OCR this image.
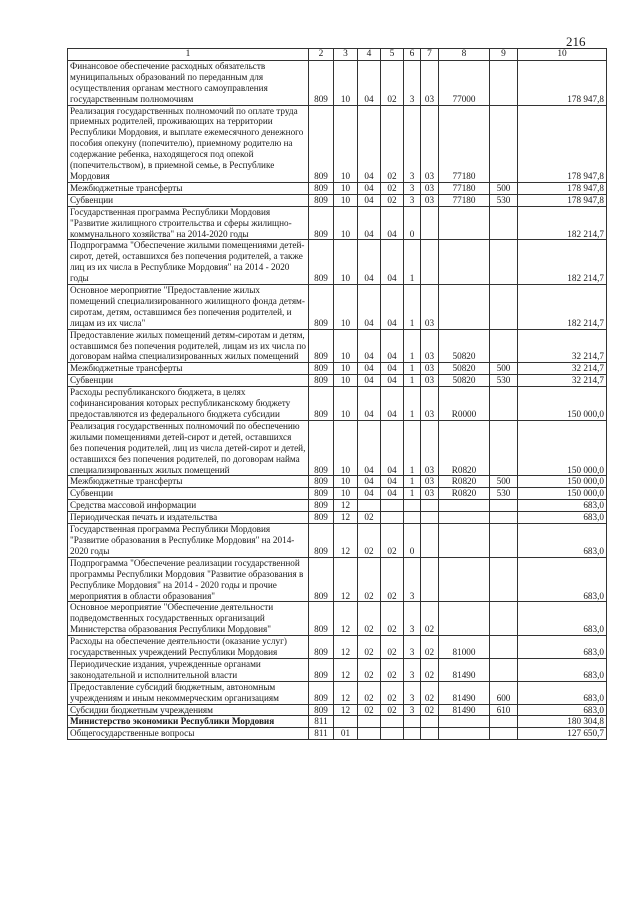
216
1	2	3	4	5	6	7	8	9	10
Финансовое обеспечение расходных обязательств муниципальных образований по переданным для осуществления органам местного самоуправления государственным полномочиям	809	10	04	02	3	03	77000		178 947,8
Реализация государственных полномочий по оплате труда приемных родителей, проживающих на территории Республики Мордовия, и выплате ежемесячного денежного пособия опекуну (попечителю), приемному родителю на содержание ребенка, находящегося под опекой (попечительством), в приемной семье, в Республике Мордовия	809	10	04	02	3	03	77180		178 947,8
Межбюджетные трансферты	809	10	04	02	3	03	77180	500	178 947,8
Субвенции	809	10	04	02	3	03	77180	530	178 947,8
Государственная программа Республики Мордовия "Развитие жилищного строительства и сферы жилищно-коммунального хозяйства" на 2014-2020 годы	809	10	04	04	0				182 214,7
Подпрограмма "Обеспечение жилыми помещениями детей-сирот, детей, оставшихся без попечения родителей, а также лиц из их числа в Республике Мордовия" на 2014 - 2020 годы	809	10	04	04	1				182 214,7
Основное мероприятие "Предоставление жилых помещений специализированного жилищного фонда детям-сиротам, детям, оставшимся без попечения родителей, и лицам из их числа"	809	10	04	04	1	03			182 214,7
Предоставление жилых помещений детям-сиротам и детям, оставшимся без попечения родителей, лицам из их числа по договорам найма специализированных жилых помещений	809	10	04	04	1	03	50820		32 214,7
Межбюджетные трансферты	809	10	04	04	1	03	50820	500	32 214,7
Субвенции	809	10	04	04	1	03	50820	530	32 214,7
Расходы республиканского бюджета, в целях софинансирования которых республиканскому бюджету предоставляются из федерального бюджета субсидии	809	10	04	04	1	03	R0000		150 000,0
Реализация государственных полномочий по обеспечению жилыми помещениями детей-сирот и детей, оставшихся без попечения родителей, лиц из числа детей-сирот и детей, оставшихся без попечения родителей, по договорам найма специализированных жилых помещений	809	10	04	04	1	03	R0820		150 000,0
Межбюджетные трансферты	809	10	04	04	1	03	R0820	500	150 000,0
Субвенции	809	10	04	04	1	03	R0820	530	150 000,0
Средства массовой информации	809	12							683,0
Периодическая печать и издательства	809	12	02						683,0
Государственная программа Республики Мордовия "Развитие образования в Республике Мордовия" на 2014-2020 годы	809	12	02	02	0				683,0
Подпрограмма "Обеспечение реализации государственной программы Республики Мордовия "Развитие образования в Республике Мордовия" на 2014 - 2020 годы и прочие мероприятия в области образования"	809	12	02	02	3				683,0
Основное мероприятие "Обеспечение деятельности подведомственных государственных организаций Министерства образования Республики Мордовия"	809	12	02	02	3	02			683,0
Расходы на обеспечение деятельности (оказание услуг) государственных учреждений Республики Мордовия	809	12	02	02	3	02	81000		683,0
Периодические издания, учрежденные органами законодательной и исполнительной власти	809	12	02	02	3	02	81490		683,0
Предоставление субсидий бюджетным, автономным учреждениям и иным некоммерческим организациям	809	12	02	02	3	02	81490	600	683,0
Субсидии бюджетным учреждениям	809	12	02	02	3	02	81490	610	683,0
Министерство экономики Республики Мордовия	811								180 304,8
Общегосударственные вопросы	811	01							127 650,7
